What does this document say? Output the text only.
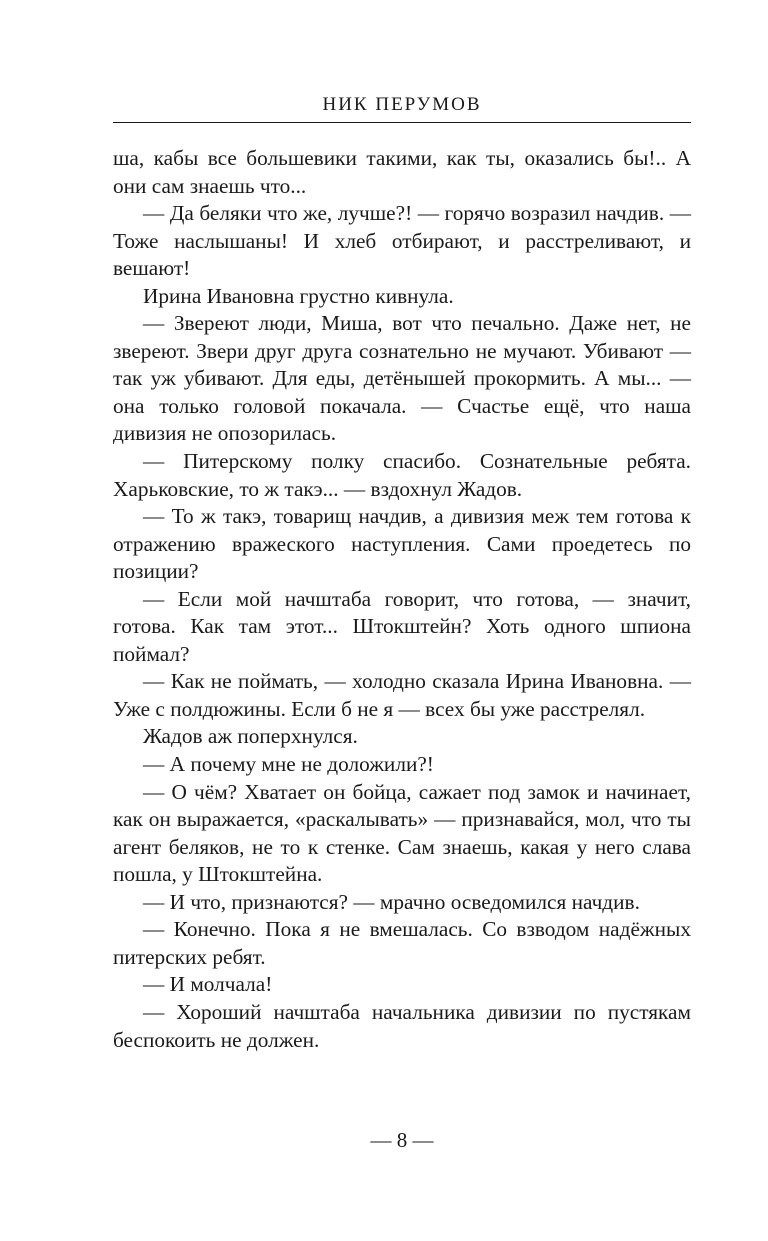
НИК ПЕРУМОВ

ша, кабы все большевики такими, как ты, оказались бы!.. А они сам знаешь что...

— Да беляки что же, лучше?! — горячо возразил начдив. — Тоже наслышаны! И хлеб отбирают, и расстреливают, и вешают!

Ирина Ивановна грустно кивнула.

— Звереют люди, Миша, вот что печально. Даже нет, не звереют. Звери друг друга сознательно не мучают. Убивают — так уж убивают. Для еды, детёнышей прокормить. А мы... — она только головой покачала. — Счастье ещё, что наша дивизия не опозорилась.

— Питерскому полку спасибо. Сознательные ребята. Харьковские, то ж такэ... — вздохнул Жадов.

— То ж такэ, товарищ начдив, а дивизия меж тем готова к отражению вражеского наступления. Сами проедетесь по позиции?

— Если мой начштаба говорит, что готова, — значит, готова. Как там этот... Штокштейн? Хоть одного шпиона поймал?

— Как не поймать, — холодно сказала Ирина Ивановна. — Уже с полдюжины. Если б не я — всех бы уже расстрелял.

Жадов аж поперхнулся.

— А почему мне не доложили?!

— О чём? Хватает он бойца, сажает под замок и начинает, как он выражается, «раскалывать» — признавайся, мол, что ты агент беляков, не то к стенке. Сам знаешь, какая у него слава пошла, у Штокштейна.

— И что, признаются? — мрачно осведомился начдив.

— Конечно. Пока я не вмешалась. Со взводом надёжных питерских ребят.

— И молчала!

— Хороший начштаба начальника дивизии по пустякам беспокоить не должен.

— 8 —
